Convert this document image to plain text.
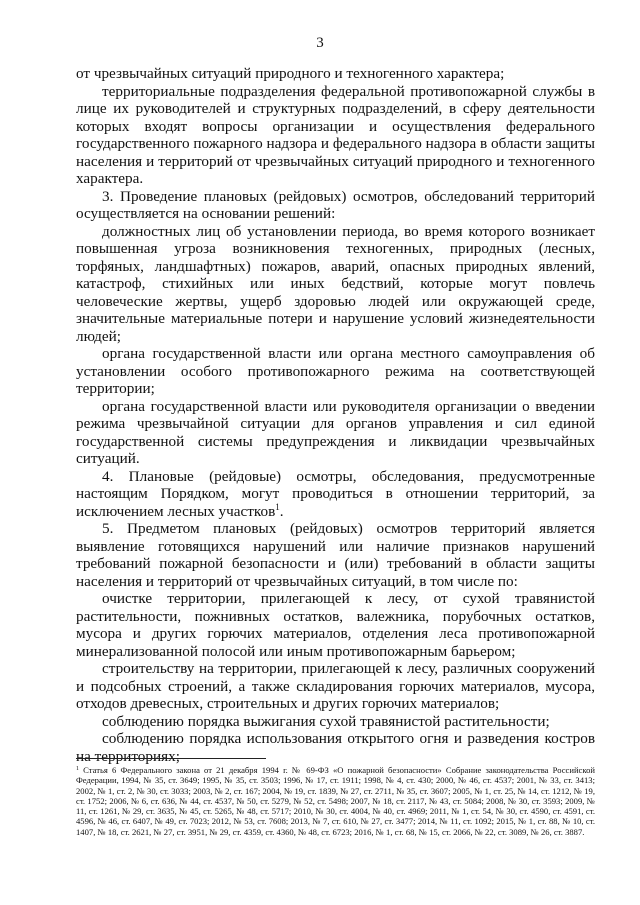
3

от чрезвычайных ситуаций природного и техногенного характера;

территориальные подразделения федеральной противопожарной службы в лице их руководителей и структурных подразделений, в сферу деятельности которых входят вопросы организации и осуществления федерального государственного пожарного надзора и федерального надзора в области защиты населения и территорий от чрезвычайных ситуаций природного и техногенного характера.

3. Проведение плановых (рейдовых) осмотров, обследований территорий осуществляется на основании решений:

должностных лиц об установлении периода, во время которого возникает повышенная угроза возникновения техногенных, природных (лесных, торфяных, ландшафтных) пожаров, аварий, опасных природных явлений, катастроф, стихийных или иных бедствий, которые могут повлечь человеческие жертвы, ущерб здоровью людей или окружающей среде, значительные материальные потери и нарушение условий жизнедеятельности людей;

органа государственной власти или органа местного самоуправления об установлении особого противопожарного режима на соответствующей территории;

органа государственной власти или руководителя организации о введении режима чрезвычайной ситуации для органов управления и сил единой государственной системы предупреждения и ликвидации чрезвычайных ситуаций.

4. Плановые (рейдовые) осмотры, обследования, предусмотренные настоящим Порядком, могут проводиться в отношении территорий, за исключением лесных участков$^1$.

5. Предметом плановых (рейдовых) осмотров территорий является выявление готовящихся нарушений или наличие признаков нарушений требований пожарной безопасности и (или) требований в области защиты населения и территорий от чрезвычайных ситуаций, в том числе по:

очистке территории, прилегающей к лесу, от сухой травянистой растительности, пожнивных остатков, валежника, порубочных остатков, мусора и других горючих материалов, отделения леса противопожарной минерализованной полосой или иным противопожарным барьером;

строительству на территории, прилегающей к лесу, различных сооружений и подсобных строений, а также складирования горючих материалов, мусора, отходов древесных, строительных и других горючих материалов;

соблюдению порядка выжигания сухой травянистой растительности;

соблюдению порядка использования открытого огня и разведения костров на территориях;

$^1$ Статья 6 Федерального закона от 21 декабря 1994 г. № 69-ФЗ «О пожарной безопасности» Собрание законодательства Российской Федерации, 1994, № 35, ст. 3649; 1995, № 35, ст. 3503; 1996, № 17, ст. 1911; 1998, № 4, ст. 430; 2000, № 46, ст. 4537; 2001, № 33, ст. 3413; 2002, № 1, ст. 2, № 30, ст. 3033; 2003, № 2, ст. 167; 2004, № 19, ст. 1839, № 27, ст. 2711, № 35, ст. 3607; 2005, № 1, ст. 25, № 14, ст. 1212, № 19, ст. 1752; 2006, № 6, ст. 636, № 44, ст. 4537, № 50, ст. 5279, № 52, ст. 5498; 2007, № 18, ст. 2117, № 43, ст. 5084; 2008, № 30, ст. 3593; 2009, № 11, ст. 1261, № 29, ст. 3635, № 45, ст. 5265, № 48, ст. 5717; 2010, № 30, ст. 4004, № 40, ст. 4969; 2011, № 1, ст. 54, № 30, ст. 4590, ст. 4591, ст. 4596, № 46, ст. 6407, № 49, ст. 7023; 2012, № 53, ст. 7608; 2013, № 7, ст. 610, № 27, ст. 3477; 2014, № 11, ст. 1092; 2015, № 1, ст. 88, № 10, ст. 1407, № 18, ст. 2621, № 27, ст. 3951, № 29, ст. 4359, ст. 4360, № 48, ст. 6723; 2016, № 1, ст. 68, № 15, ст. 2066, № 22, ст. 3089, № 26, ст. 3887.
